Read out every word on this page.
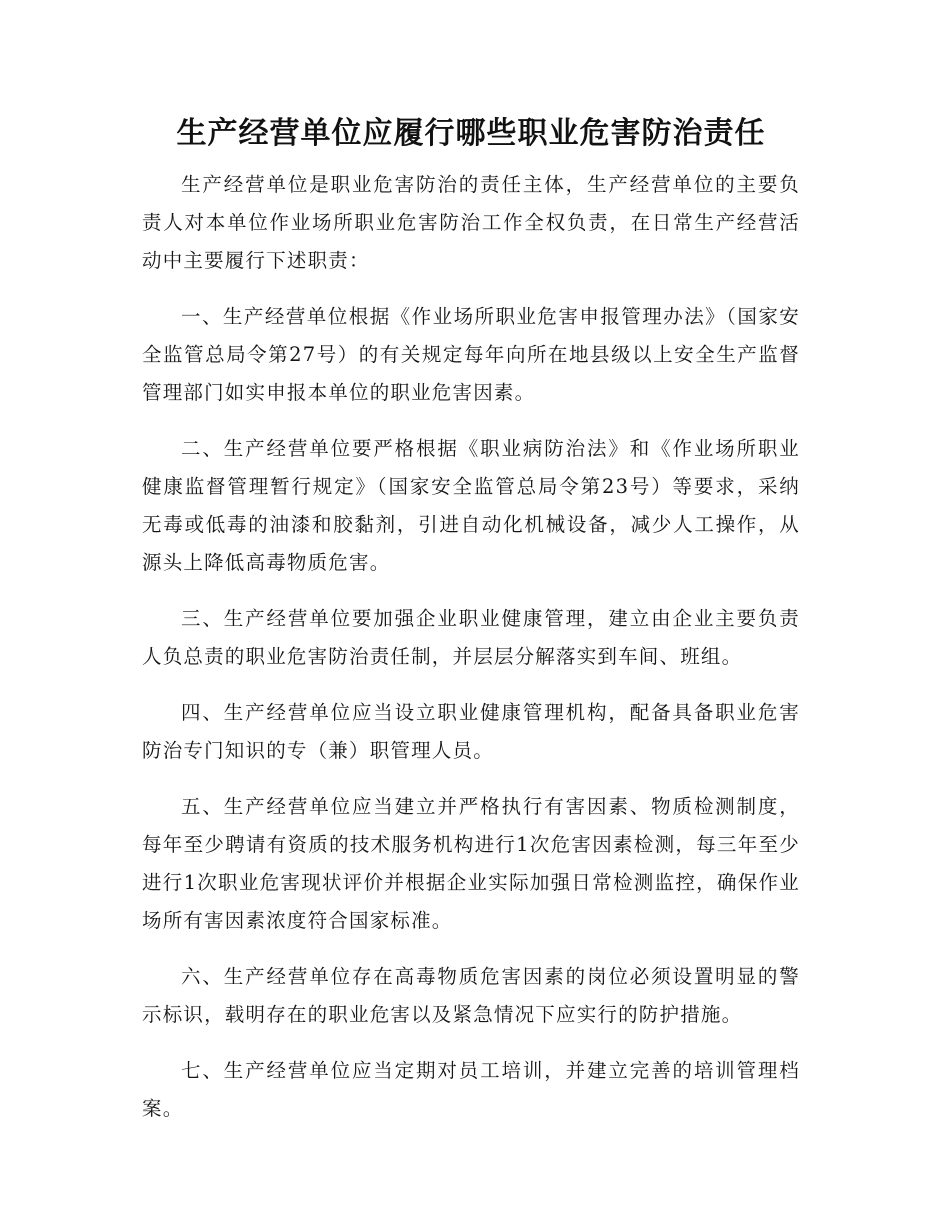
生产经营单位应履行哪些职业危害防治责任

生产经营单位是职业危害防治的责任主体，生产经营单位的主要负责人对本单位作业场所职业危害防治工作全权负责，在日常生产经营活动中主要履行下述职责：

一、生产经营单位根据《作业场所职业危害申报管理办法》（国家安全监管总局令第27号）的有关规定每年向所在地县级以上安全生产监督管理部门如实申报本单位的职业危害因素。

二、生产经营单位要严格根据《职业病防治法》和《作业场所职业健康监督管理暂行规定》（国家安全监管总局令第23号）等要求，采纳无毒或低毒的油漆和胶黏剂，引进自动化机械设备，减少人工操作，从源头上降低高毒物质危害。

三、生产经营单位要加强企业职业健康管理，建立由企业主要负责人负总责的职业危害防治责任制，并层层分解落实到车间、班组。

四、生产经营单位应当设立职业健康管理机构，配备具备职业危害防治专门知识的专（兼）职管理人员。

五、生产经营单位应当建立并严格执行有害因素、物质检测制度，每年至少聘请有资质的技术服务机构进行1次危害因素检测，每三年至少进行1次职业危害现状评价并根据企业实际加强日常检测监控，确保作业场所有害因素浓度符合国家标准。

六、生产经营单位存在高毒物质危害因素的岗位必须设置明显的警示标识，载明存在的职业危害以及紧急情况下应实行的防护措施。

七、生产经营单位应当定期对员工培训，并建立完善的培训管理档案。
